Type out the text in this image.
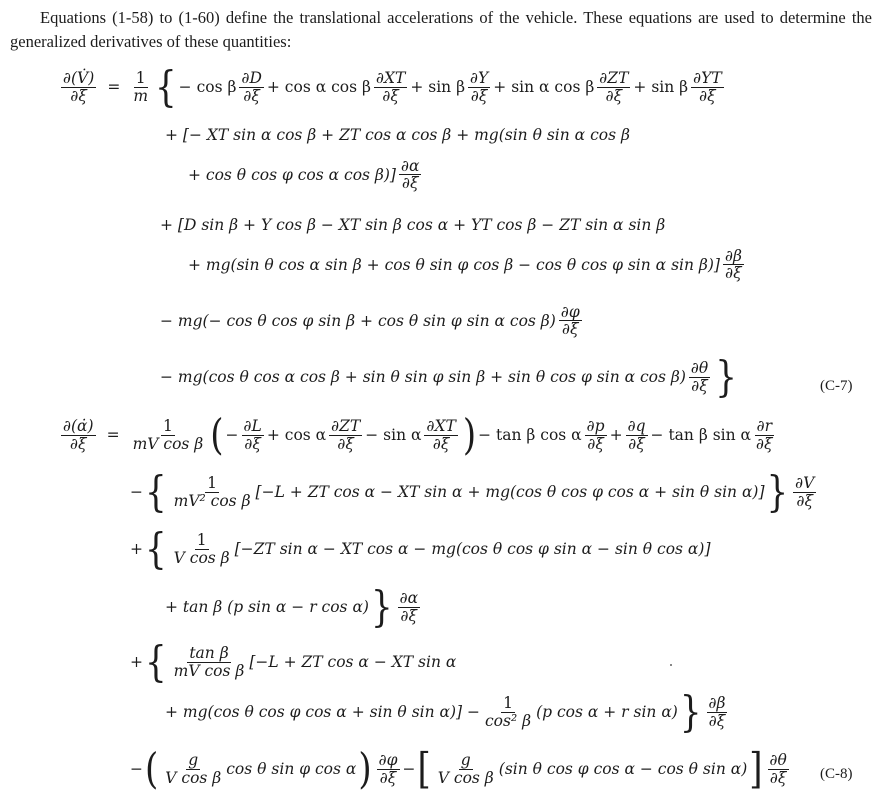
Equations (1-58) to (1-60) define the translational accelerations of the vehicle. These equations are used to determine the generalized derivatives of these quantities:
$\frac{\partial(V̇)}{\partial\xi} = \frac{1}{m}$ { − cos β $\frac{\partial D}{\partial\xi} + \cos \alpha$ cos β $\frac{\partial XT}{\partial\xi} + \sin \beta \frac{\partial Y}{\partial\xi} + \sin \alpha$ cos β $\frac{\partial ZT}{\partial\xi} + \sin \beta \frac{\partial YT}{\partial\xi}$
+ [− XT sin α cos β + ZT cos α cos β + mg(sin θ sin α cos β
+ cos θ cos φ cos α $\cos \beta)] \frac{\partial\alpha}{\partial\xi}$
+ [D sin β + Y cos β − XT sin β cos α + YT cos β − ZT sin α sin β
+ mg(sin θ cos α sin β + cos θ sin φ cos β − cos θ cos φ sin α $\sin \beta)] \frac{\partial\beta}{\partial\xi}$
− mg(− cos θ cos φ sin β + cos θ sin φ sin α $\cos \beta) \frac{\partial\varphi}{\partial\xi}$
− mg(cos θ cos α cos β + sin θ sin φ sin β + sin θ cos φ sin α $\cos \beta) \frac{\partial\theta}{\partial\xi}$ }	(C-7)
$\frac{\partial(\alphȧ)}{\partial\xi} = \frac{1}{\text{mV cos β}}$ ( − $\frac{\partial L}{\partial\xi} + \cos \alpha \frac{\partial ZT}{\partial\xi} - \sin \alpha \frac{\partial XT}{\partial\xi}$ ) − tan β cos α $\frac{\partial p}{\partial\xi} + \frac{\partial q}{\partial\xi} - \tan \beta$ sin α $\frac{\partial r}{\partial\xi}$
− { $\frac{1}{\text{mV² cos β}} [-L$ + ZT cos α − XT sin α + mg(cos θ cos φ cos α + sin θ sin α)] } $\frac{\partial V}{\partial\xi}$
+ { $\frac{1}{\text{V cos β}} [-ZT$ sin α − XT cos α − mg(cos θ cos φ sin α − sin θ cos α)]
+ tan β (p sin α − r cos α) } $\frac{\partial\alpha}{\partial\xi}$
+ { $\frac{\text{tan β}}{\text{mV cos β}} [-L$ + ZT cos α − XT sin α
+ mg(cos θ cos φ cos α + sin θ $\sin \alpha)] - \frac{1}{\text{cos² β}} (p$ cos α + r sin α) } $\frac{\partial\beta}{\partial\xi}$
− ( $\frac{g}{\text{V cos β}}$ cos θ sin φ cos α ) $\frac{\partial\varphi}{\partial\xi}$ − [ $\frac{g}{\text{V cos β}} (\sin$ θ cos φ cos α − cos θ sin α) ] $\frac{\partial\theta}{\partial\xi} (C-8)$
